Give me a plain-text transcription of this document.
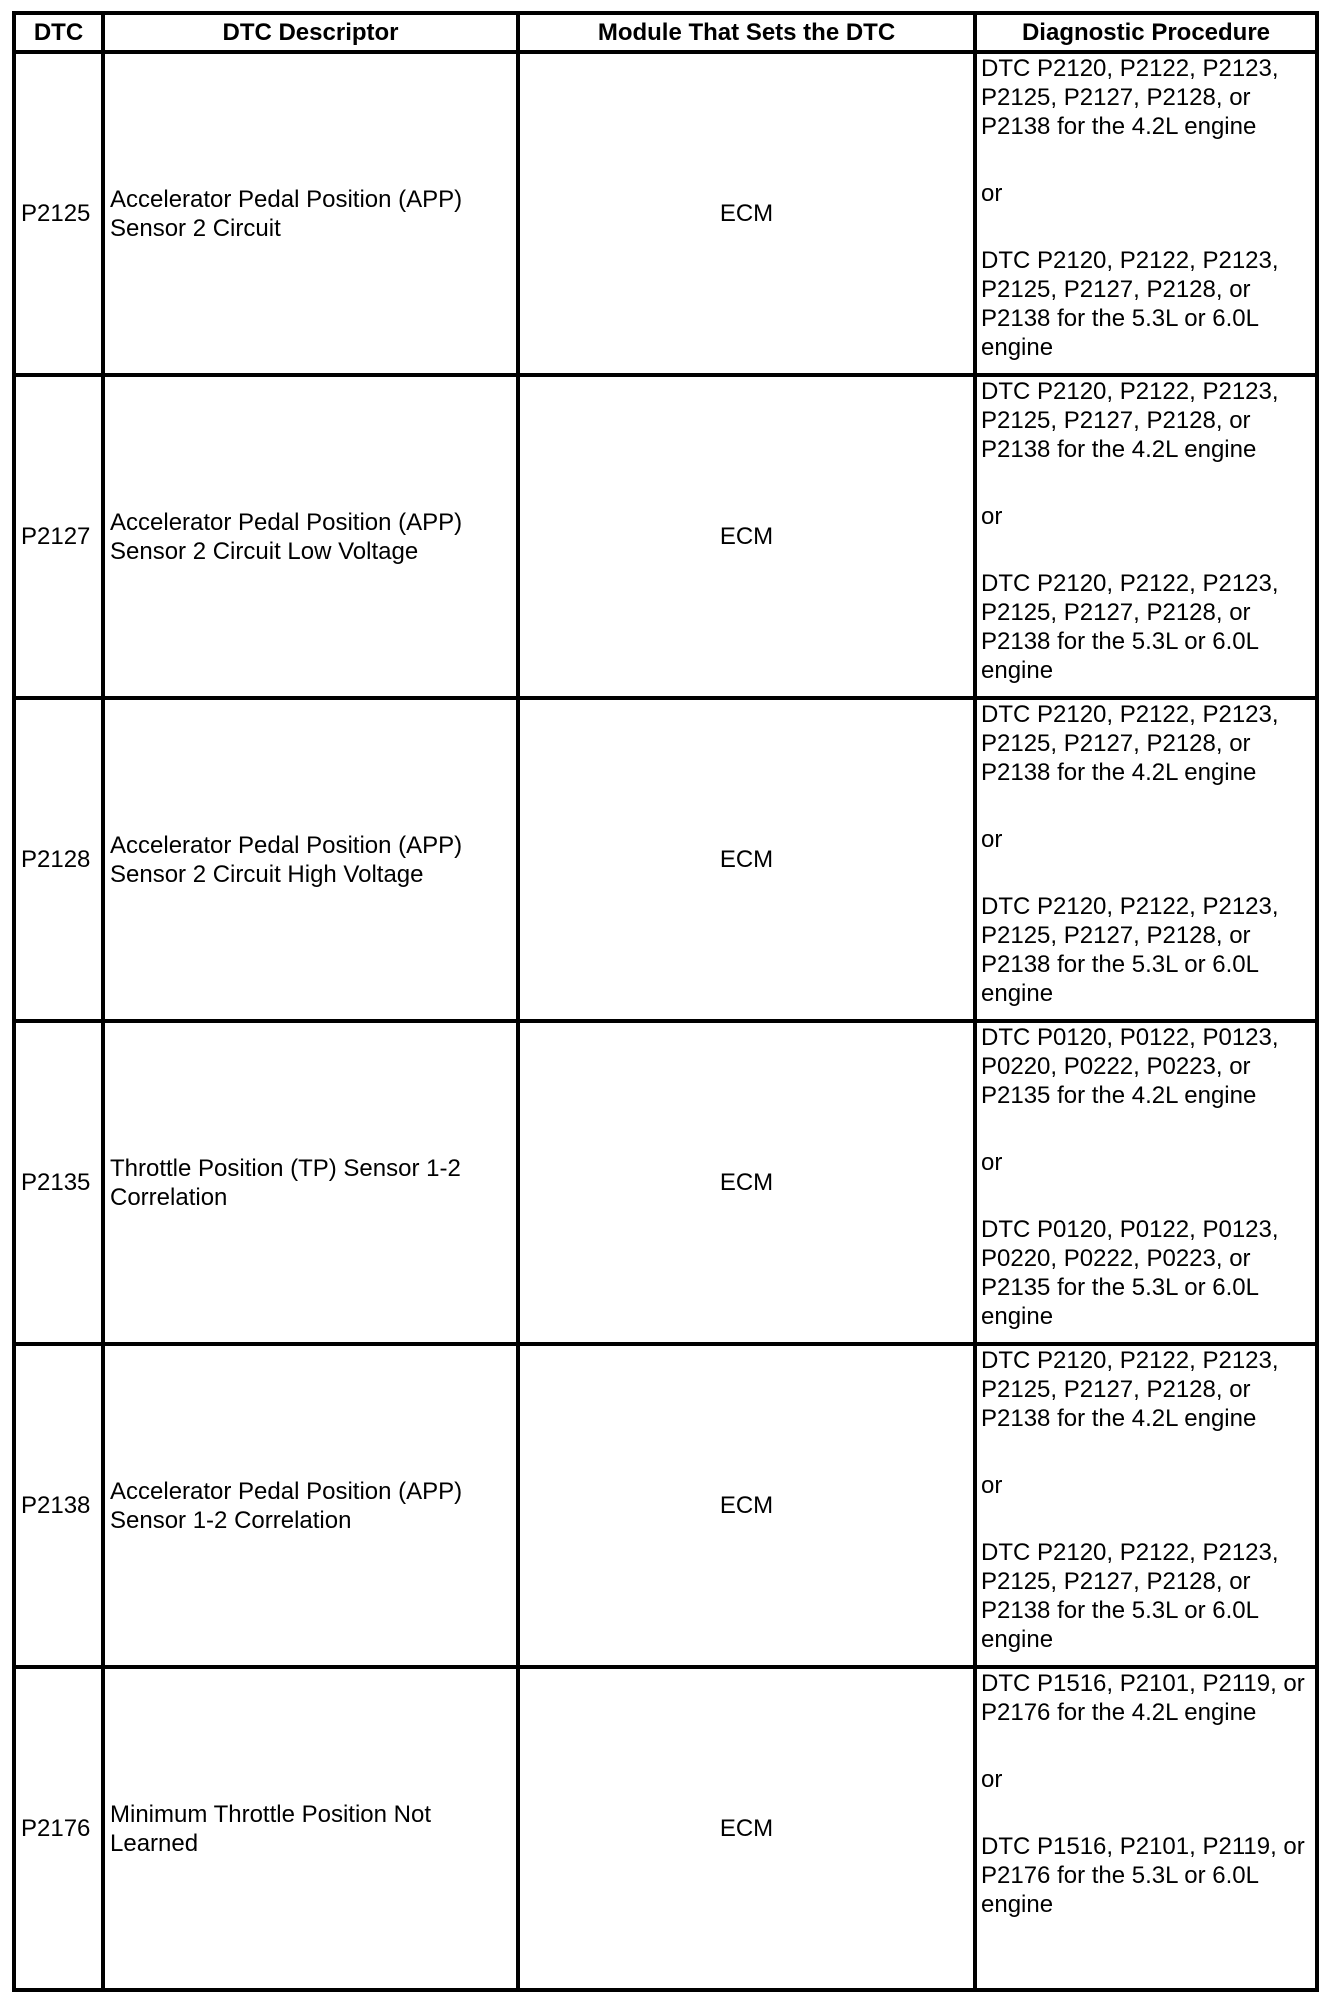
DTC	DTC Descriptor	Module That Sets the DTC	Diagnostic Procedure
P2125	Accelerator Pedal Position (APP) Sensor 2 Circuit	ECM	DTC P2120, P2122, P2123, P2125, P2127, P2128, or P2138 for the 4.2L engine
or
DTC P2120, P2122, P2123, P2125, P2127, P2128, or P2138 for the 5.3L or 6.0L engine

P2127	Accelerator Pedal Position (APP) Sensor 2 Circuit Low Voltage	ECM	DTC P2120, P2122, P2123, P2125, P2127, P2128, or P2138 for the 4.2L engine
or
DTC P2120, P2122, P2123, P2125, P2127, P2128, or P2138 for the 5.3L or 6.0L engine

P2128	Accelerator Pedal Position (APP) Sensor 2 Circuit High Voltage	ECM	DTC P2120, P2122, P2123, P2125, P2127, P2128, or P2138 for the 4.2L engine
or
DTC P2120, P2122, P2123, P2125, P2127, P2128, or P2138 for the 5.3L or 6.0L engine

P2135	Throttle Position (TP) Sensor 1-2 Correlation	ECM	DTC P0120, P0122, P0123, P0220, P0222, P0223, or P2135 for the 4.2L engine
or
DTC P0120, P0122, P0123, P0220, P0222, P0223, or P2135 for the 5.3L or 6.0L engine

P2138	Accelerator Pedal Position (APP) Sensor 1-2 Correlation	ECM	DTC P2120, P2122, P2123, P2125, P2127, P2128, or P2138 for the 4.2L engine
or
DTC P2120, P2122, P2123, P2125, P2127, P2128, or P2138 for the 5.3L or 6.0L engine

P2176	Minimum Throttle Position Not Learned	ECM	DTC P1516, P2101, P2119, or P2176 for the 4.2L engine
or
DTC P1516, P2101, P2119, or P2176 for the 5.3L or 6.0L engine
